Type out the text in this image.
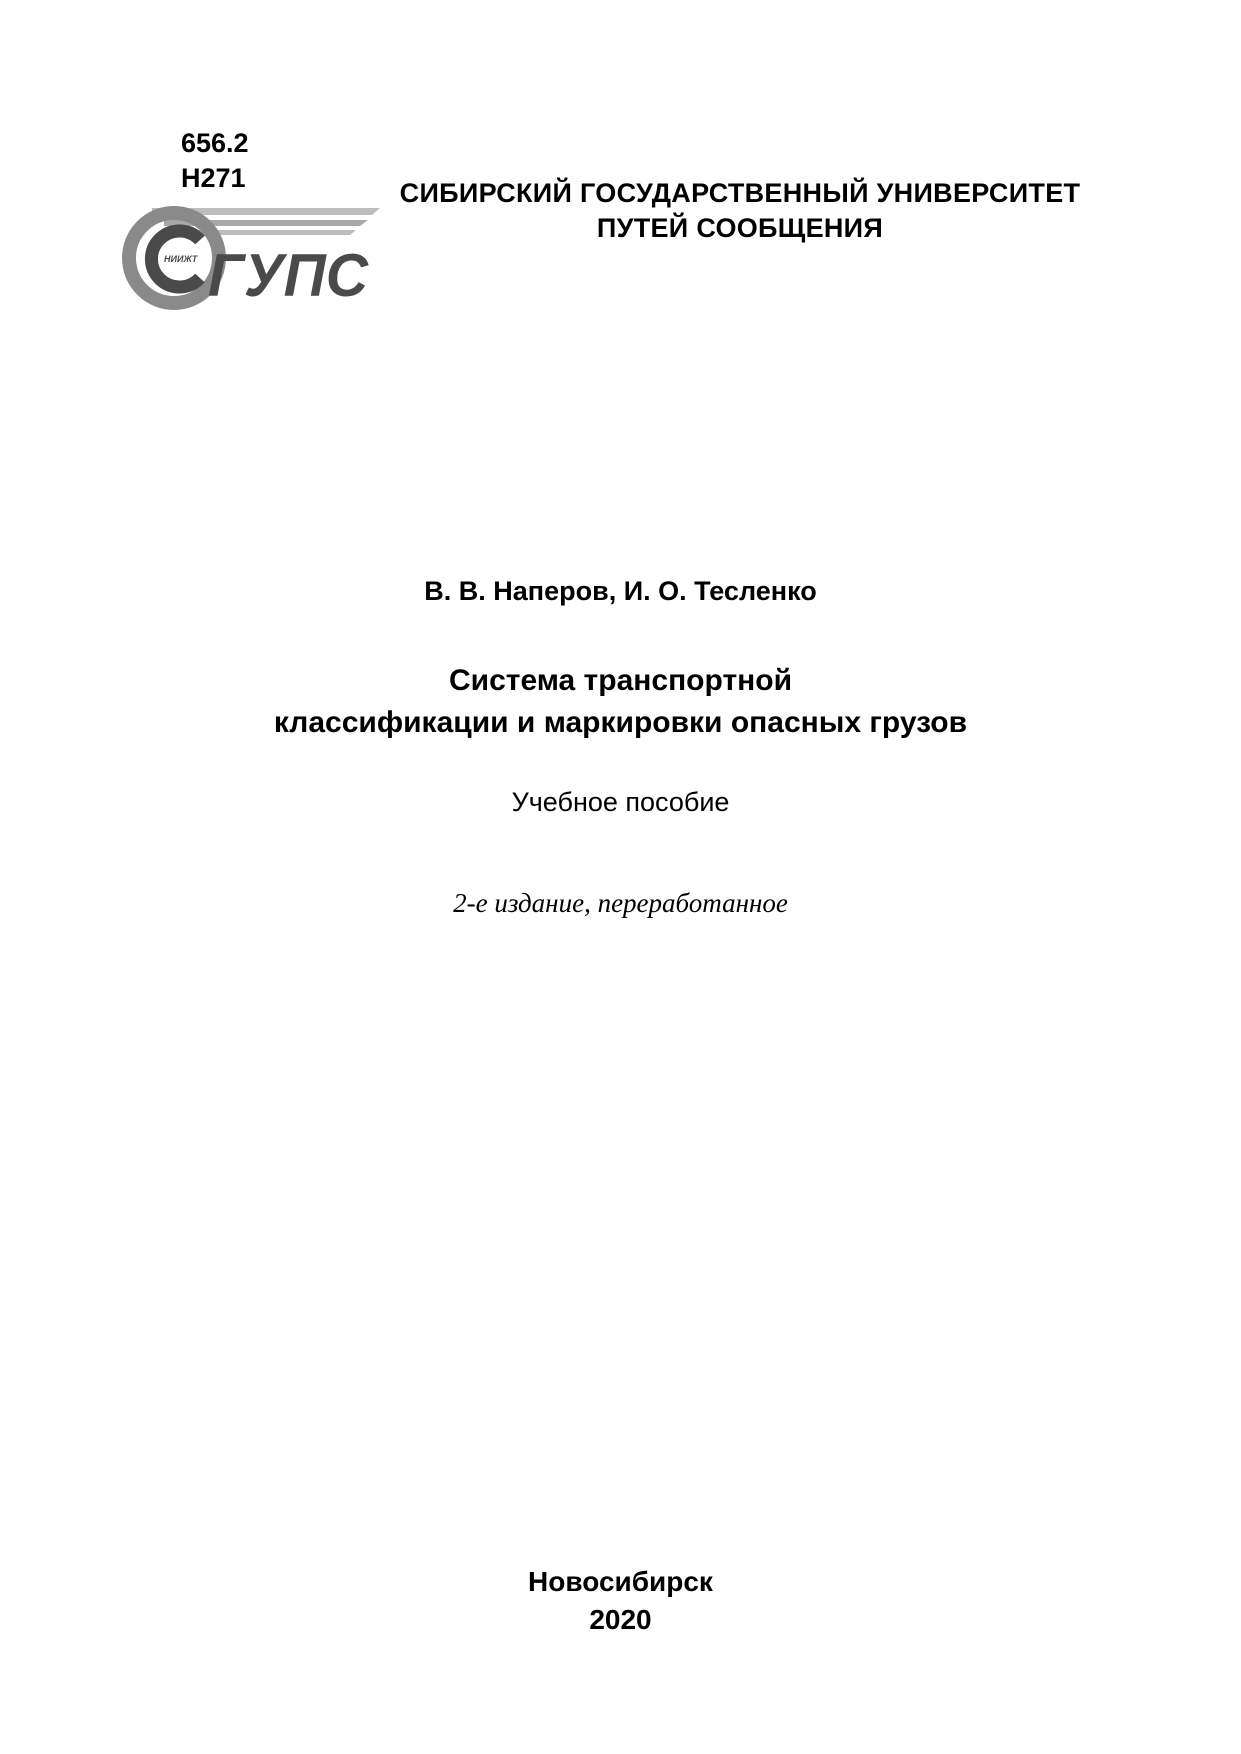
656.2
Н271
НИИЖТ ГУПС
СИБИРСКИЙ ГОСУДАРСТВЕННЫЙ УНИВЕРСИТЕТ
ПУТЕЙ СООБЩЕНИЯ
В. В. Наперов, И. О. Тесленко
Система транспортной
классификации и маркировки опасных грузов
Учебное пособие
2-е издание, переработанное
Новосибирск
2020
